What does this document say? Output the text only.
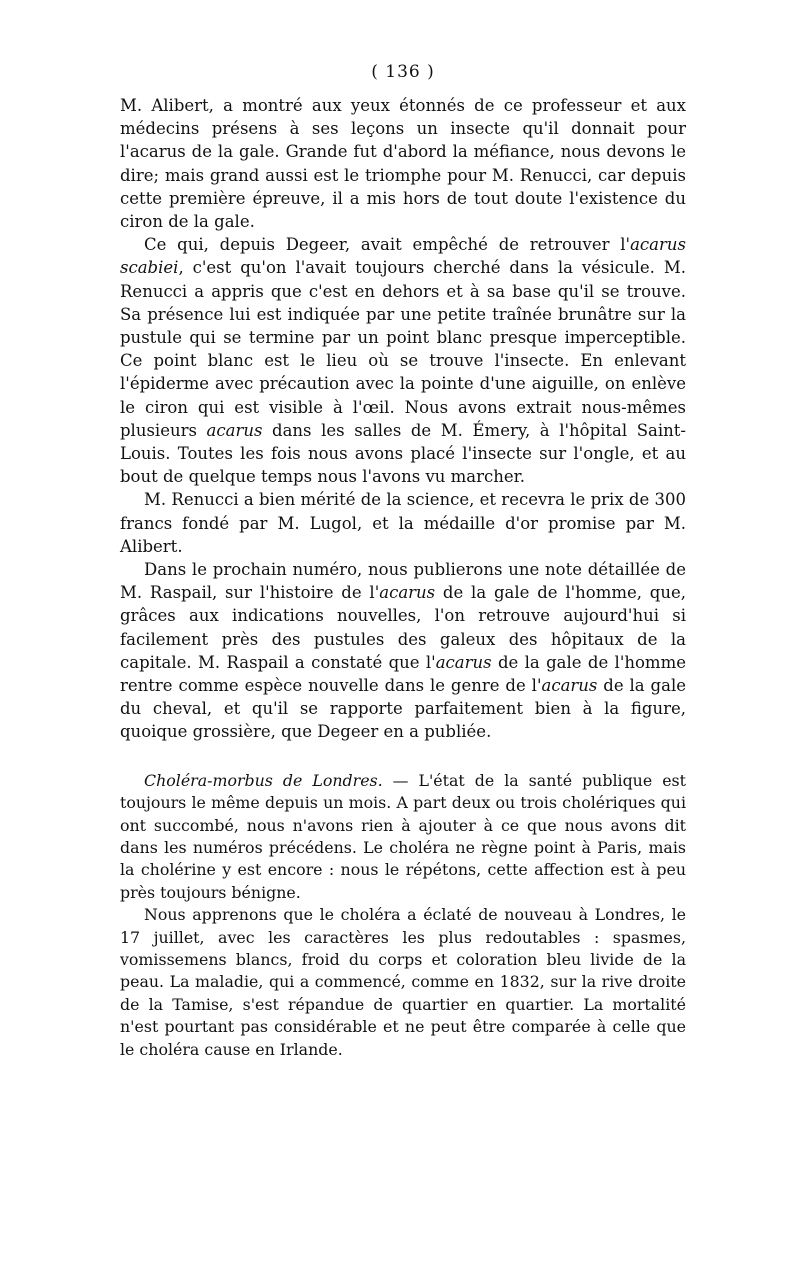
( 136 )

M. Alibert, a montré aux yeux étonnés de ce professeur et aux médecins présens à ses leçons un insecte qu'il donnait pour l'acarus de la gale. Grande fut d'abord la méfiance, nous devons le dire; mais grand aussi est le triomphe pour M. Renucci, car depuis cette première épreuve, il a mis hors de tout doute l'existence du ciron de la gale.

Ce qui, depuis Degeer, avait empêché de retrouver l'acarus scabiei, c'est qu'on l'avait toujours cherché dans la vésicule. M. Renucci a appris que c'est en dehors et à sa base qu'il se trouve. Sa présence lui est indiquée par une petite traînée brunâtre sur la pustule qui se termine par un point blanc presque imperceptible. Ce point blanc est le lieu où se trouve l'insecte. En enlevant l'épiderme avec précaution avec la pointe d'une aiguille, on enlève le ciron qui est visible à l'œil. Nous avons extrait nous-mêmes plusieurs acarus dans les salles de M. Émery, à l'hôpital Saint-Louis. Toutes les fois nous avons placé l'insecte sur l'ongle, et au bout de quelque temps nous l'avons vu marcher.

M. Renucci a bien mérité de la science, et recevra le prix de 300 francs fondé par M. Lugol, et la médaille d'or promise par M. Alibert.

Dans le prochain numéro, nous publierons une note détaillée de M. Raspail, sur l'histoire de l'acarus de la gale de l'homme, que, grâces aux indications nouvelles, l'on retrouve aujourd'hui si facilement près des pustules des galeux des hôpitaux de la capitale. M. Raspail a constaté que l'acarus de la gale de l'homme rentre comme espèce nouvelle dans le genre de l'acarus de la gale du cheval, et qu'il se rapporte parfaitement bien à la figure, quoique grossière, que Degeer en a publiée.

Choléra-morbus de Londres. — L'état de la santé publique est toujours le même depuis un mois. A part deux ou trois cholériques qui ont succombé, nous n'avons rien à ajouter à ce que nous avons dit dans les numéros précédens. Le choléra ne règne point à Paris, mais la cholérine y est encore : nous le répétons, cette affection est à peu près toujours bénigne.

Nous apprenons que le choléra a éclaté de nouveau à Londres, le 17 juillet, avec les caractères les plus redoutables : spasmes, vomissemens blancs, froid du corps et coloration bleu livide de la peau. La maladie, qui a commencé, comme en 1832, sur la rive droite de la Tamise, s'est répandue de quartier en quartier. La mortalité n'est pourtant pas considérable et ne peut être comparée à celle que le choléra cause en Irlande.
